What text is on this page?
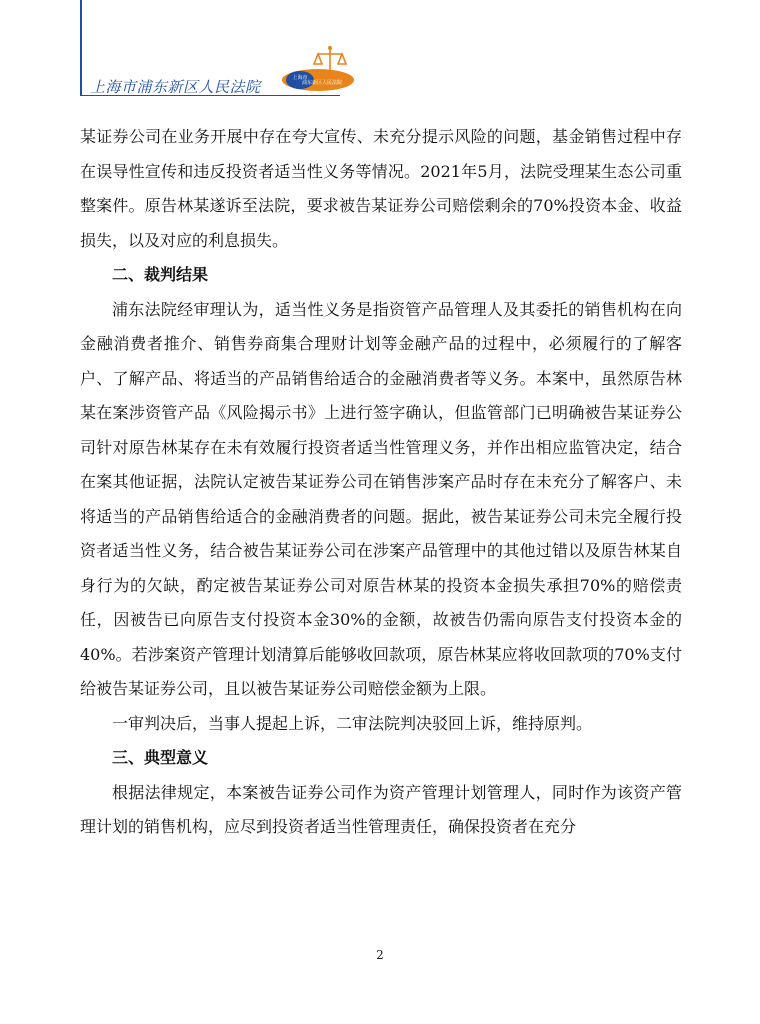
上海市浦东新区人民法院	上海市
浦东新区人民法院

某证券公司在业务开展中存在夸大宣传、未充分提示风险的问题，基金销售过程中存在误导性宣传和违反投资者适当性义务等情况。2021年5月，法院受理某生态公司重整案件。原告林某遂诉至法院，要求被告某证券公司赔偿剩余的70%投资本金、收益损失，以及对应的利息损失。

二、裁判结果

浦东法院经审理认为，适当性义务是指资管产品管理人及其委托的销售机构在向金融消费者推介、销售券商集合理财计划等金融产品的过程中，必须履行的了解客户、了解产品、将适当的产品销售给适合的金融消费者等义务。本案中，虽然原告林某在案涉资管产品《风险揭示书》上进行签字确认，但监管部门已明确被告某证券公司针对原告林某存在未有效履行投资者适当性管理义务，并作出相应监管决定，结合在案其他证据，法院认定被告某证券公司在销售涉案产品时存在未充分了解客户、未将适当的产品销售给适合的金融消费者的问题。据此，被告某证券公司未完全履行投资者适当性义务，结合被告某证券公司在涉案产品管理中的其他过错以及原告林某自身行为的欠缺，酌定被告某证券公司对原告林某的投资本金损失承担70%的赔偿责任，因被告已向原告支付投资本金30%的金额，故被告仍需向原告支付投资本金的40%。若涉案资产管理计划清算后能够收回款项，原告林某应将收回款项的70%支付给被告某证券公司，且以被告某证券公司赔偿金额为上限。

一审判决后，当事人提起上诉，二审法院判决驳回上诉，维持原判。

三、典型意义

根据法律规定，本案被告证券公司作为资产管理计划管理人，同时作为该资产管理计划的销售机构，应尽到投资者适当性管理责任，确保投资者在充分

2
